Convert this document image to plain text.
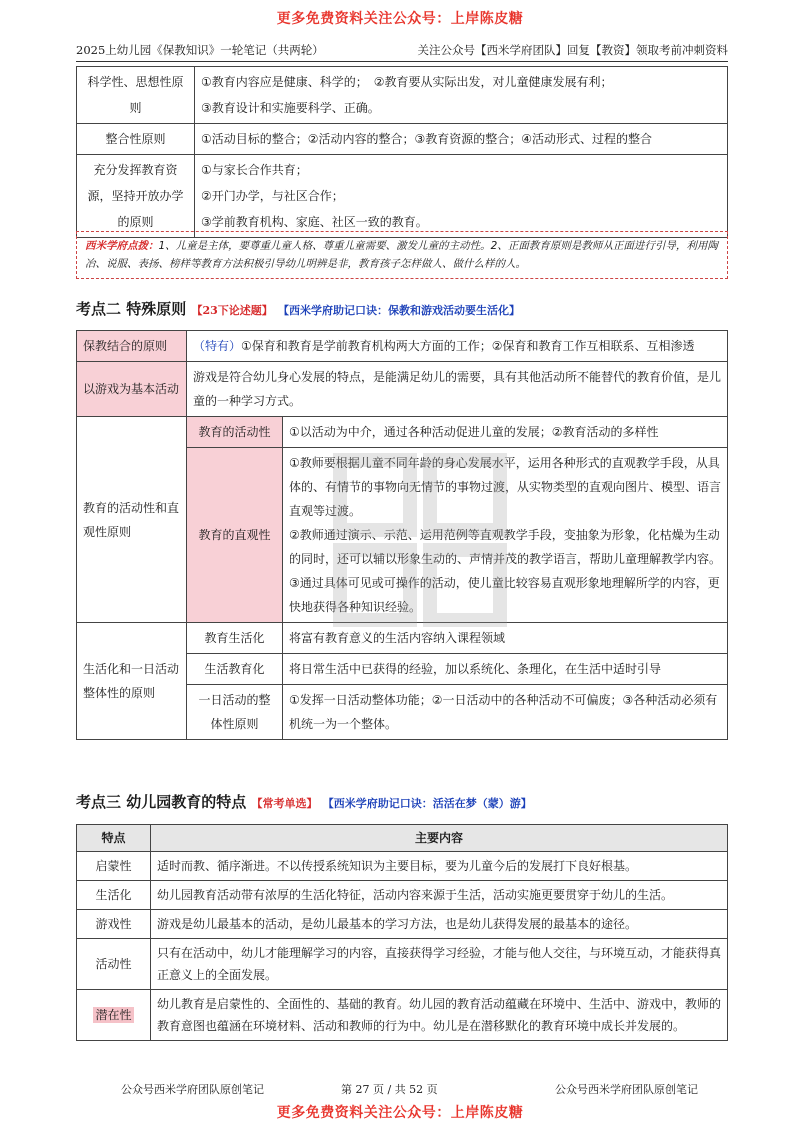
更多免费资料关注公众号：上岸陈皮糖
2025上幼儿园《保教知识》一轮笔记（共两轮）	关注公众号【西米学府团队】回复【教资】领取考前冲刺资料
科学性、思想性原则	①教育内容应是健康、科学的；　②教育要从实际出发，对儿童健康发展有利；
③教育设计和实施要科学、正确。

整合性原则	①活动目标的整合；②活动内容的整合；③教育资源的整合；④活动形式、过程的整合

充分发挥教育资源，坚持开放办学的原则	①与家长合作共育；
②开门办学，与社区合作；
③学前教育机构、家庭、社区一致的教育。
西米学府点拨：1、儿童是主体，要尊重儿童人格、尊重儿童需要、激发儿童的主动性。2、正面教育原则是教师从正面进行引导，利用陶冶、说服、表扬、榜样等教育方法积极引导幼儿明辨是非，教育孩子怎样做人、做什么样的人。
考点二 特殊原则 【23下论述题】 【西米学府助记口诀：保教和游戏活动要生活化】
保教结合的原则	（特有）①保育和教育是学前教育机构两大方面的工作；②保育和教育工作互相联系、互相渗透	
以游戏为基本活动	游戏是符合幼儿身心发展的特点，是能满足幼儿的需要，具有其他活动所不能替代的教育价值，是儿童的一种学习方式。	
教育的活动性和直观性原则	教育的活动性	①以活动为中介，通过各种活动促进儿童的发展；②教育活动的多样性
	教育的直观性	①教师要根据儿童不同年龄的身心发展水平，运用各种形式的直观教学手段，从具体的、有情节的事物向无情节的事物过渡，从实物类型的直观向图片、模型、语言直观等过渡。
②教师通过演示、示范、运用范例等直观教学手段，变抽象为形象，化枯燥为生动的同时，还可以辅以形象生动的、声情并茂的教学语言，帮助儿童理解教学内容。
③通过具体可见或可操作的活动，使儿童比较容易直观形象地理解所学的内容，更快地获得各种知识经验。

生活化和一日活动整体性的原则	教育生活化	将富有教育意义的生活内容纳入课程领域
	生活教育化	将日常生活中已获得的经验，加以系统化、条理化，在生活中适时引导
	一日活动的整体性原则	①发挥一日活动整体功能；②一日活动中的各种活动不可偏废；③各种活动必须有机统一为一个整体。
考点三 幼儿园教育的特点 【常考单选】 【西米学府助记口诀：活活在梦（蒙）游】
特点	主要内容
启蒙性	适时而教、循序渐进。不以传授系统知识为主要目标，要为儿童今后的发展打下良好根基。
生活化	幼儿园教育活动带有浓厚的生活化特征，活动内容来源于生活，活动实施更要贯穿于幼儿的生活。
游戏性	游戏是幼儿最基本的活动，是幼儿最基本的学习方法，也是幼儿获得发展的最基本的途径。
活动性	只有在活动中，幼儿才能理解学习的内容，直接获得学习经验，才能与他人交往，与环境互动，才能获得真正意义上的全面发展。
潜在性	幼儿教育是启蒙性的、全面性的、基础的教育。幼儿园的教育活动蕴藏在环境中、生活中、游戏中，教师的教育意图也蕴涵在环境材料、活动和教师的行为中。幼儿是在潜移默化的教育环境中成长并发展的。
公众号西米学府团队原创笔记	第 27 页 / 共 52 页	公众号西米学府团队原创笔记
更多免费资料关注公众号：上岸陈皮糖
